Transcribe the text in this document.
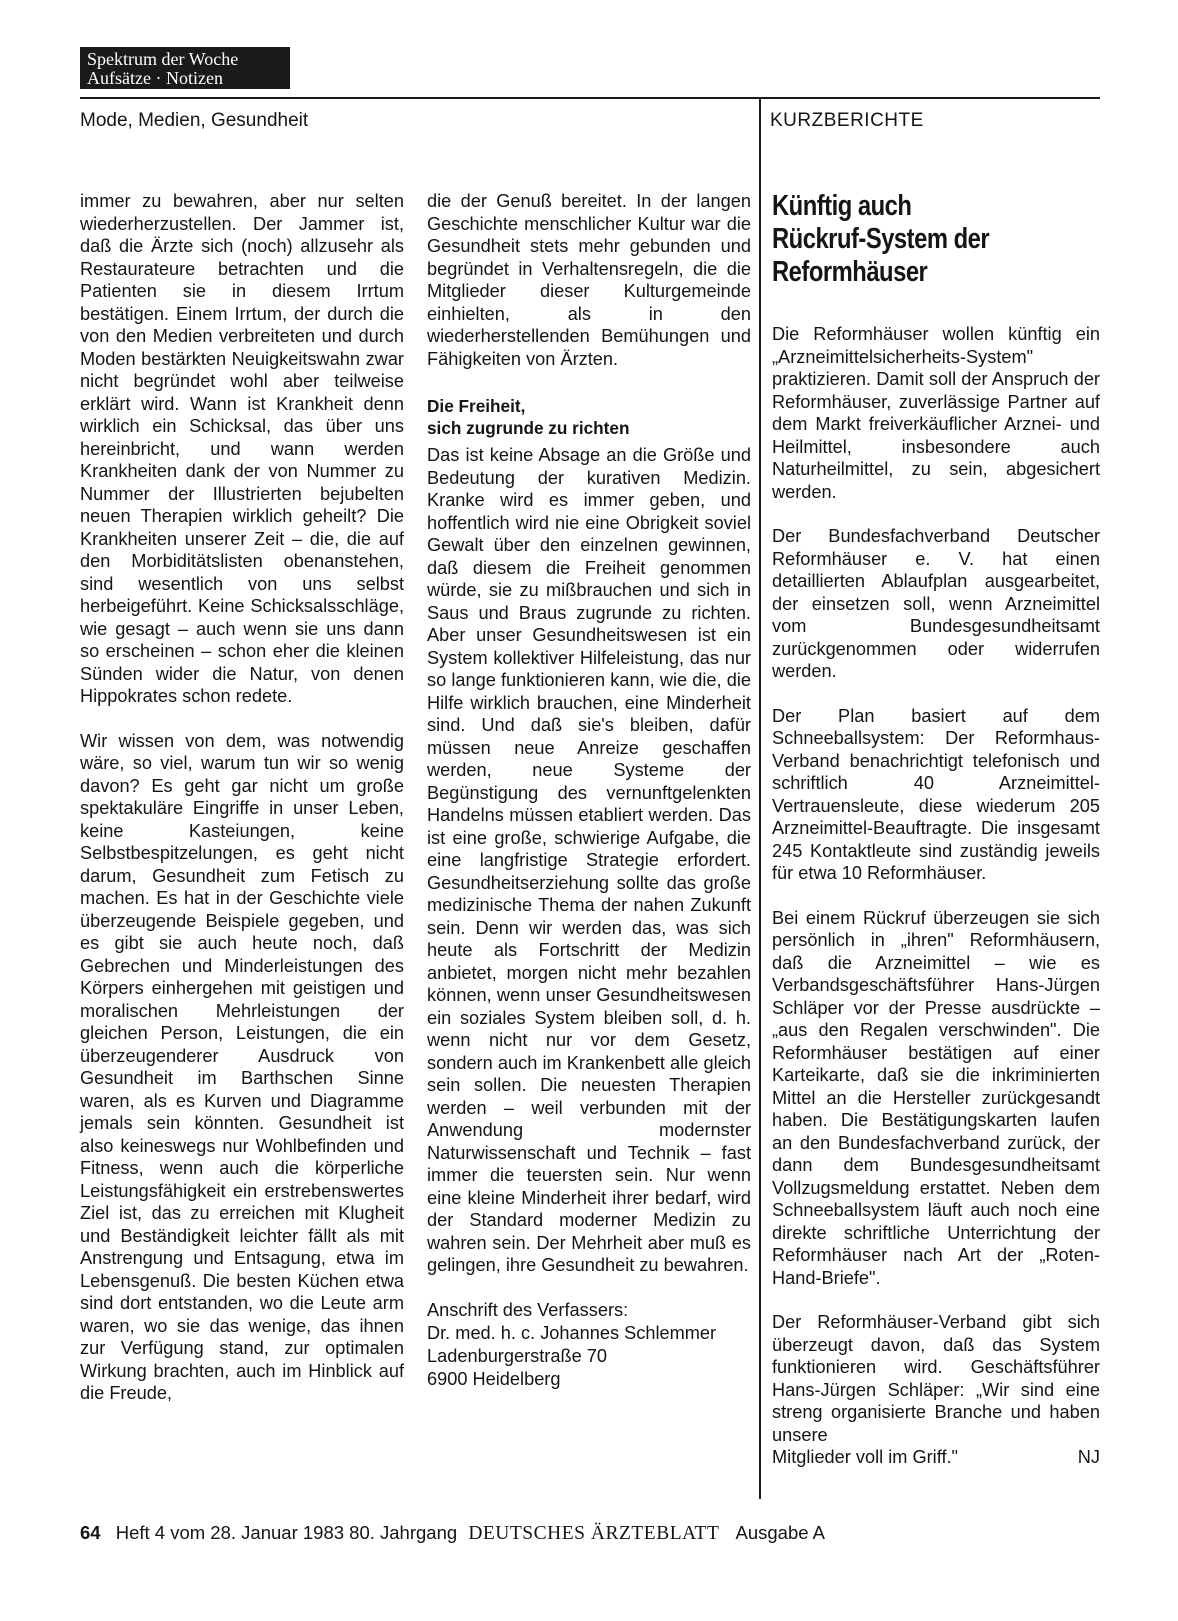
Spektrum der Woche
Aufsätze · Notizen
Mode, Medien, Gesundheit	KURZBERICHTE

immer zu bewahren, aber nur selten wiederherzustellen. Der Jammer ist, daß die Ärzte sich (noch) allzusehr als Restaurateure betrachten und die Patienten sie in diesem Irrtum bestätigen. Einem Irrtum, der durch die von den Medien verbreiteten und durch Moden bestärkten Neuigkeitswahn zwar nicht begründet wohl aber teilweise erklärt wird. Wann ist Krankheit denn wirklich ein Schicksal, das über uns hereinbricht, und wann werden Krankheiten dank der von Nummer zu Nummer der Illustrierten bejubelten neuen Therapien wirklich geheilt? Die Krankheiten unserer Zeit – die, die auf den Morbiditätslisten obenanstehen, sind wesentlich von uns selbst herbeigeführt. Keine Schicksalsschläge, wie gesagt – auch wenn sie uns dann so erscheinen – schon eher die kleinen Sünden wider die Natur, von denen Hippokrates schon redete.

Wir wissen von dem, was notwendig wäre, so viel, warum tun wir so wenig davon? Es geht gar nicht um große spektakuläre Eingriffe in unser Leben, keine Kasteiungen, keine Selbstbespitzelungen, es geht nicht darum, Gesundheit zum Fetisch zu machen. Es hat in der Geschichte viele überzeugende Beispiele gegeben, und es gibt sie auch heute noch, daß Gebrechen und Minderleistungen des Körpers einhergehen mit geistigen und moralischen Mehrleistungen der gleichen Person, Leistungen, die ein überzeugenderer Ausdruck von Gesundheit im Barthschen Sinne waren, als es Kurven und Diagramme jemals sein könnten. Gesundheit ist also keineswegs nur Wohlbefinden und Fitness, wenn auch die körperliche Leistungsfähigkeit ein erstrebenswertes Ziel ist, das zu erreichen mit Klugheit und Beständigkeit leichter fällt als mit Anstrengung und Entsagung, etwa im Lebensgenuß. Die besten Küchen etwa sind dort entstanden, wo die Leute arm waren, wo sie das wenige, das ihnen zur Verfügung stand, zur optimalen Wirkung brachten, auch im Hinblick auf die Freude,

die der Genuß bereitet. In der langen Geschichte menschlicher Kultur war die Gesundheit stets mehr gebunden und begründet in Verhaltensregeln, die die Mitglieder dieser Kulturgemeinde einhielten, als in den wiederherstellenden Bemühungen und Fähigkeiten von Ärzten.

Die Freiheit,
sich zugrunde zu richten

Das ist keine Absage an die Größe und Bedeutung der kurativen Medizin. Kranke wird es immer geben, und hoffentlich wird nie eine Obrigkeit soviel Gewalt über den einzelnen gewinnen, daß diesem die Freiheit genommen würde, sie zu mißbrauchen und sich in Saus und Braus zugrunde zu richten. Aber unser Gesundheitswesen ist ein System kollektiver Hilfeleistung, das nur so lange funktionieren kann, wie die, die Hilfe wirklich brauchen, eine Minderheit sind. Und daß sie's bleiben, dafür müssen neue Anreize geschaffen werden, neue Systeme der Begünstigung des vernunftgelenkten Handelns müssen etabliert werden. Das ist eine große, schwierige Aufgabe, die eine langfristige Strategie erfordert. Gesundheitserziehung sollte das große medizinische Thema der nahen Zukunft sein. Denn wir werden das, was sich heute als Fortschritt der Medizin anbietet, morgen nicht mehr bezahlen können, wenn unser Gesundheitswesen ein soziales System bleiben soll, d. h. wenn nicht nur vor dem Gesetz, sondern auch im Krankenbett alle gleich sein sollen. Die neuesten Therapien werden – weil verbunden mit der Anwendung modernster Naturwissenschaft und Technik – fast immer die teuersten sein. Nur wenn eine kleine Minderheit ihrer bedarf, wird der Standard moderner Medizin zu wahren sein. Der Mehrheit aber muß es gelingen, ihre Gesundheit zu bewahren.

Anschrift des Verfassers:
Dr. med. h. c. Johannes Schlemmer
Ladenburgerstraße 70
6900 Heidelberg
Künftig auch
Rückruf-System der
Reformhäuser

Die Reformhäuser wollen künftig ein „Arzneimittelsicherheits-System" praktizieren. Damit soll der Anspruch der Reformhäuser, zuverlässige Partner auf dem Markt freiverkäuflicher Arznei- und Heilmittel, insbesondere auch Naturheilmittel, zu sein, abgesichert werden.

Der Bundesfachverband Deutscher Reformhäuser e. V. hat einen detaillierten Ablaufplan ausgearbeitet, der einsetzen soll, wenn Arzneimittel vom Bundesgesundheitsamt zurückgenommen oder widerrufen werden.

Der Plan basiert auf dem Schneeballsystem: Der Reformhaus-Verband benachrichtigt telefonisch und schriftlich 40 Arzneimittel-Vertrauensleute, diese wiederum 205 Arzneimittel-Beauftragte. Die insgesamt 245 Kontaktleute sind zuständig jeweils für etwa 10 Reformhäuser.

Bei einem Rückruf überzeugen sie sich persönlich in „ihren" Reformhäusern, daß die Arzneimittel – wie es Verbandsgeschäftsführer Hans-Jürgen Schläper vor der Presse ausdrückte – „aus den Regalen verschwinden". Die Reformhäuser bestätigen auf einer Karteikarte, daß sie die inkriminierten Mittel an die Hersteller zurückgesandt haben. Die Bestätigungskarten laufen an den Bundesfachverband zurück, der dann dem Bundesgesundheitsamt Vollzugsmeldung erstattet. Neben dem Schneeballsystem läuft auch noch eine direkte schriftliche Unterrichtung der Reformhäuser nach Art der „Roten-Hand-Briefe".

Der Reformhäuser-Verband gibt sich überzeugt davon, daß das System funktionieren wird. Geschäftsführer Hans-Jürgen Schläper: „Wir sind eine streng organisierte Branche und haben unsere

Mitglieder voll im Griff."	NJ
64 Heft 4 vom 28. Januar 1983 80. Jahrgang DEUTSCHES ÄRZTEBLATT Ausgabe A
